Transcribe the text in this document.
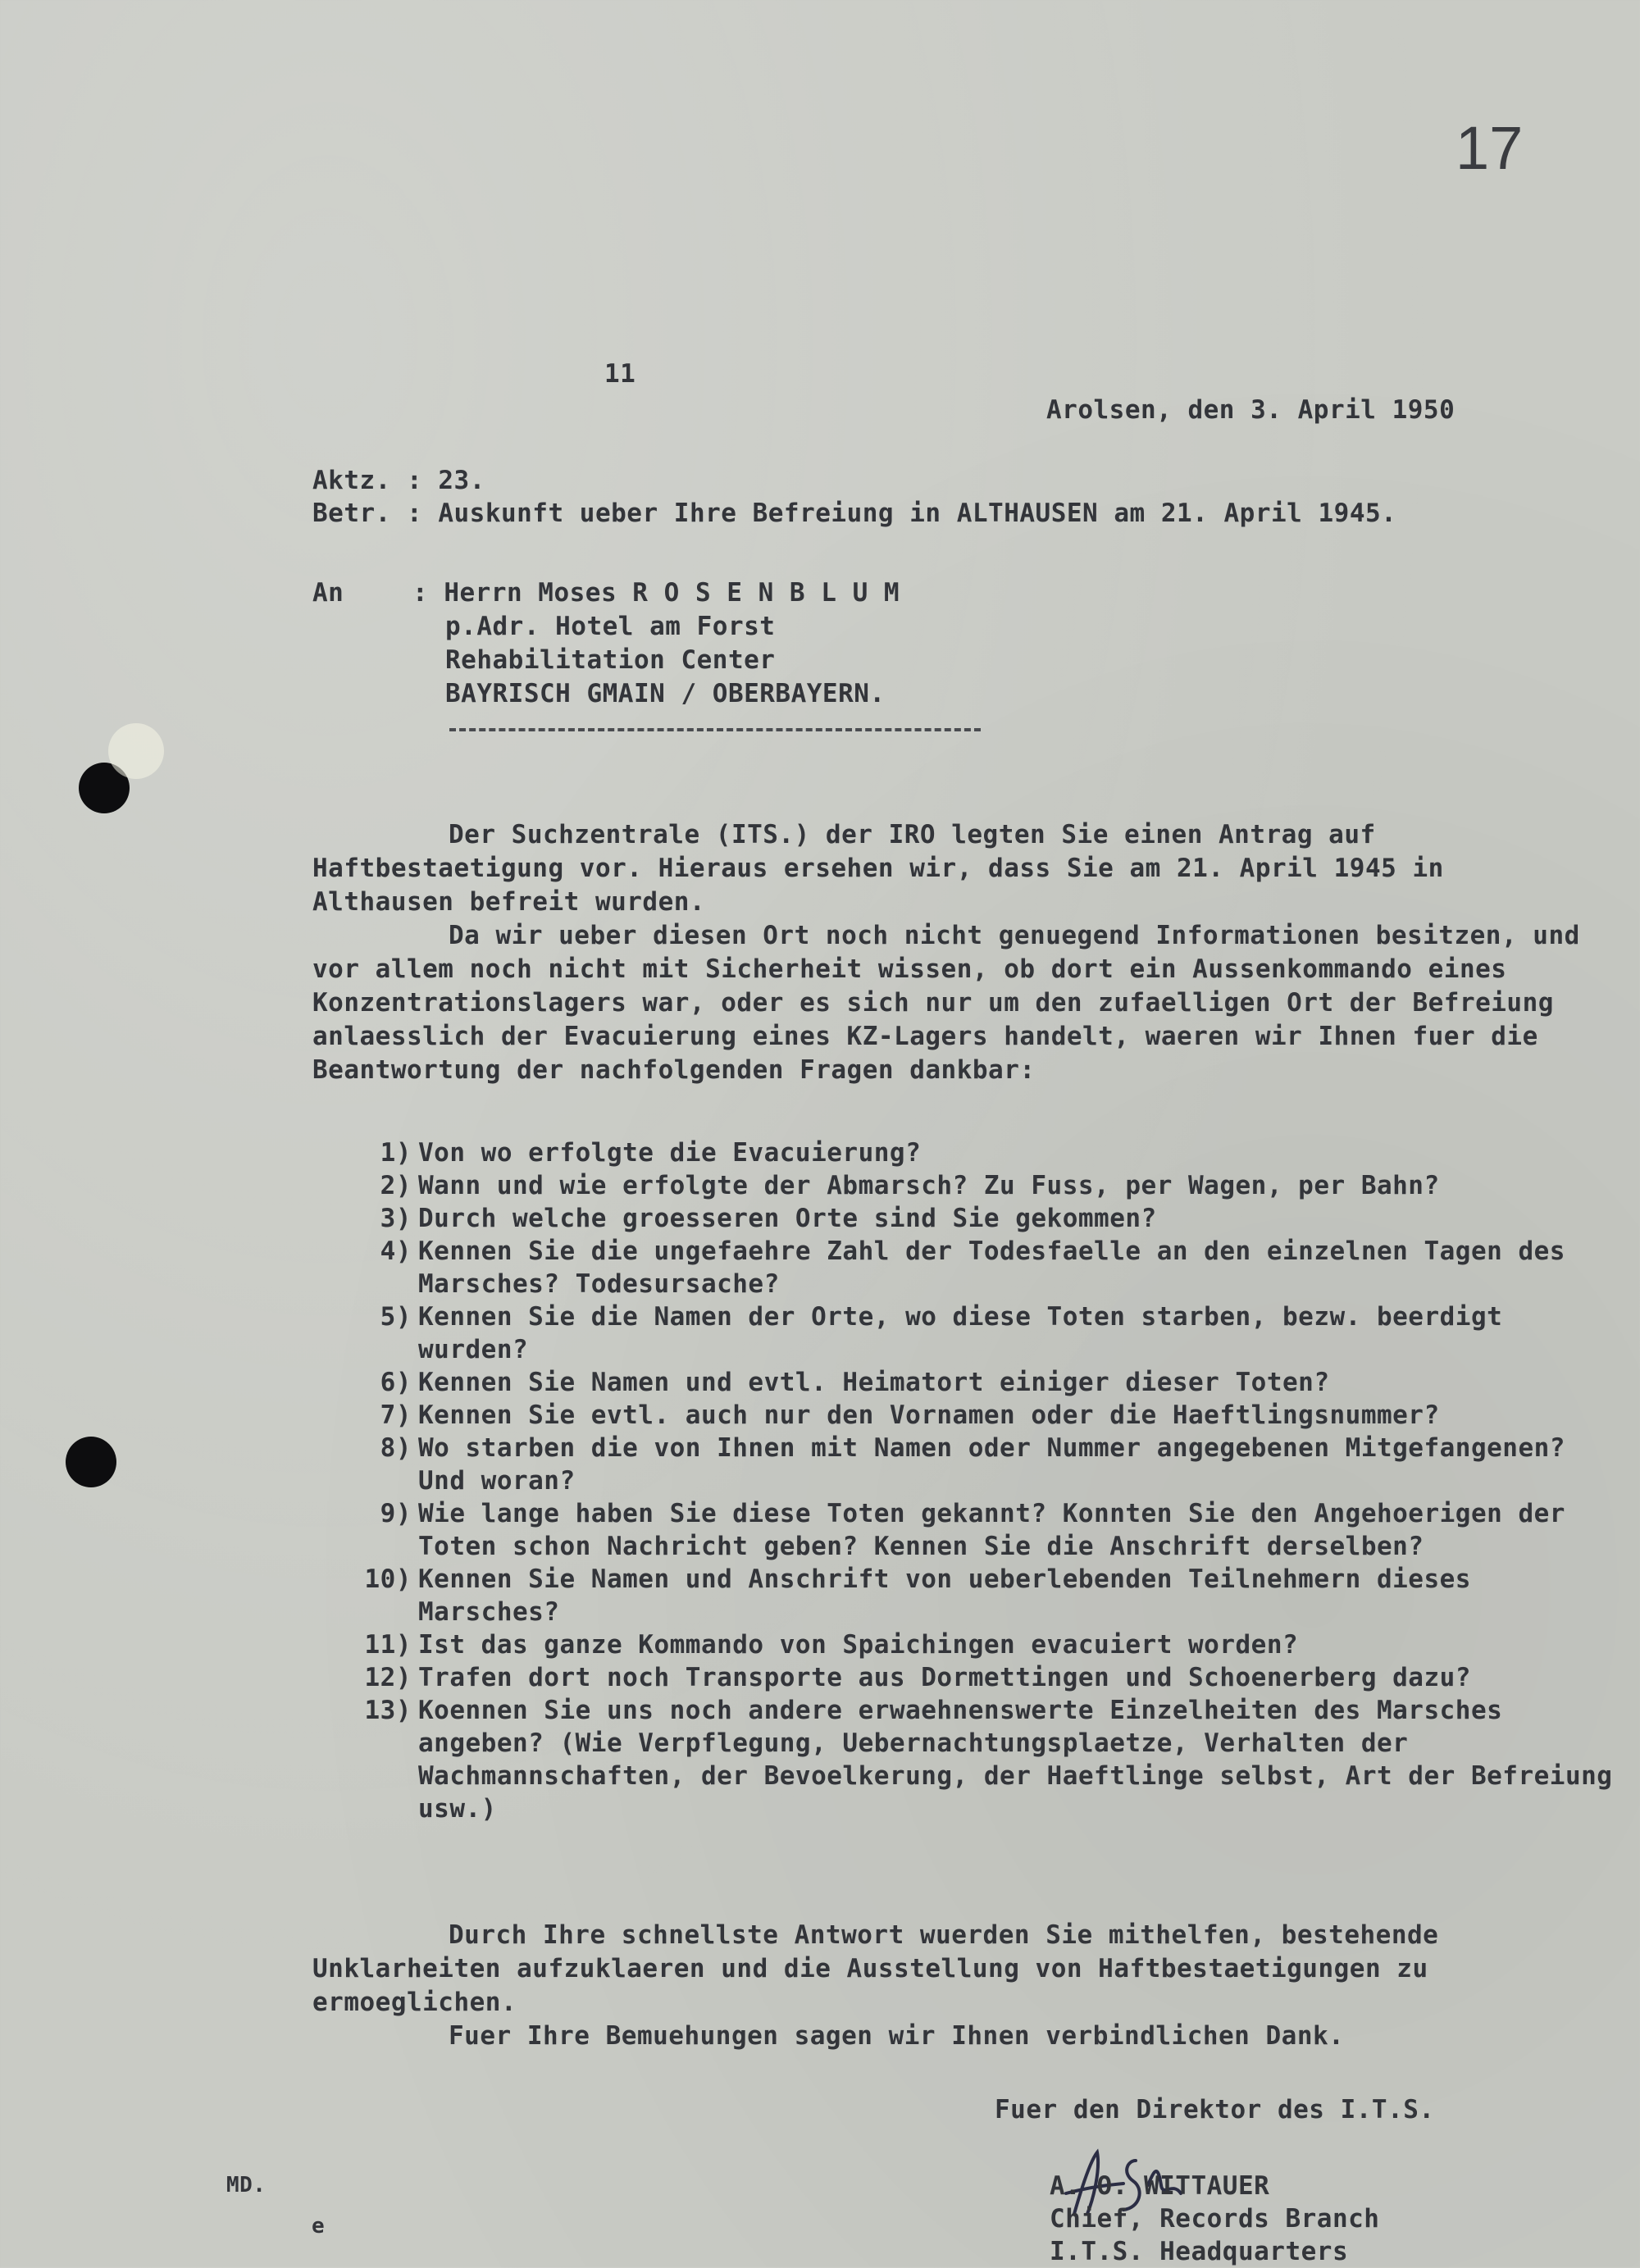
17
11
Arolsen, den 3. April 1950
Aktz. : 23.
Betr. : Auskunft ueber Ihre Befreiung in ALTHAUSEN am 21. April 1945.
An	: Herrn Moses R O S E N B L U M
p.Adr. Hotel am Forst
Rehabilitation Center
BAYRISCH GMAIN / OBERBAYERN.

Der Suchzentrale (ITS.) der IRO legten Sie einen Antrag auf Haftbestaetigung vor. Hieraus ersehen wir, dass Sie am 21. April 1945 in Althausen befreit wurden.

Da wir ueber diesen Ort noch nicht genuegend Informationen besitzen, und vor allem noch nicht mit Sicherheit wissen, ob dort ein Aussenkommando eines Konzentrationslagers war, oder es sich nur um den zufaelligen Ort der Befreiung anlaesslich der Evacuierung eines KZ-Lagers handelt, waeren wir Ihnen fuer die Beantwortung der nachfolgenden Fragen dankbar:

1) Von wo erfolgte die Evacuierung?
2) Wann und wie erfolgte der Abmarsch? Zu Fuss, per Wagen, per Bahn?
3) Durch welche groesseren Orte sind Sie gekommen?
4) Kennen Sie die ungefaehre Zahl der Todesfaelle an den einzelnen Tagen des Marsches? Todesursache?
5) Kennen Sie die Namen der Orte, wo diese Toten starben, bezw. beerdigt wurden?
6) Kennen Sie Namen und evtl. Heimatort einiger dieser Toten?
7) Kennen Sie evtl. auch nur den Vornamen oder die Haeftlingsnummer?
8) Wo starben die von Ihnen mit Namen oder Nummer angegebenen Mitgefangenen? Und woran?
9) Wie lange haben Sie diese Toten gekannt? Konnten Sie den Angehoerigen der Toten schon Nachricht geben? Kennen Sie die Anschrift derselben?
10) Kennen Sie Namen und Anschrift von ueberlebenden Teilnehmern dieses Marsches?
11) Ist das ganze Kommando von Spaichingen evacuiert worden?
12) Trafen dort noch Transporte aus Dormettingen und Schoenerberg dazu?
13) Koennen Sie uns noch andere erwaehnenswerte Einzelheiten des Marsches angeben? (Wie Verpflegung, Uebernachtungsplaetze, Verhalten der Wachmannschaften, der Bevoelkerung, der Haeftlinge selbst, Art der Befreiung usw.)

Durch Ihre schnellste Antwort wuerden Sie mithelfen, bestehende Unklarheiten aufzuklaeren und die Ausstellung von Haftbestaetigungen zu ermoeglichen.

Fuer Ihre Bemuehungen sagen wir Ihnen verbindlichen Dank.

Fuer den Direktor des I.T.S.
A. O. WITTAUER
Chief, Records Branch
I.T.S. Headquarters
MD.
e
